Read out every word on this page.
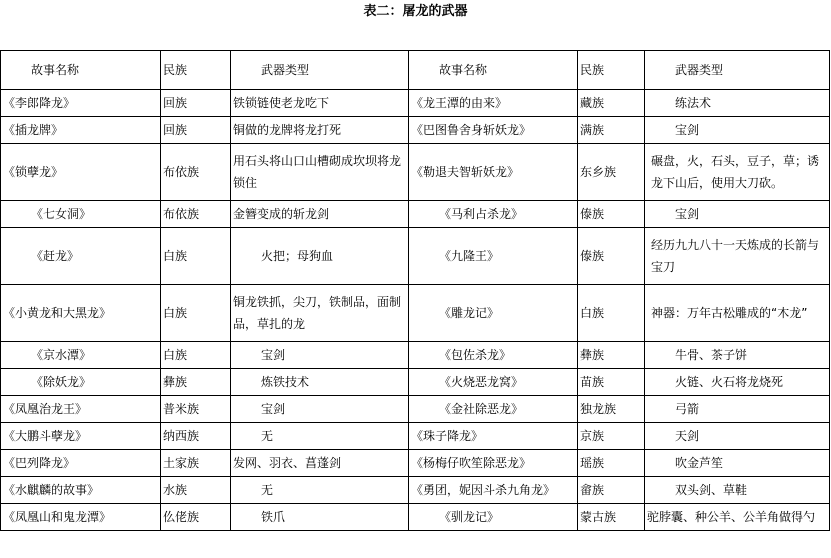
表二：屠龙的武器
故事名称	民族	武器类型	故事名称	民族	武器类型
《李郎降龙》	回族	铁锁链使老龙吃下	《龙王潭的由来》	藏族	练法术
《插龙牌》	回族	铜做的龙牌将龙打死	《巴图鲁舍身斩妖龙》	满族	宝剑
《锁孽龙》	布依族	用石头将山口山槽砌成坎坝将龙锁住	《勒退夫智斩妖龙》	东乡族	碾盘，火，石头，豆子，草；诱龙下山后，使用大刀砍。
《七女洞》	布依族	金簪变成的斩龙剑	《马利占杀龙》	傣族	宝剑
《赶龙》	白族	火把；母狗血	《九隆王》	傣族	经历九九八十一天炼成的长箭与宝刀
《小黄龙和大黑龙》	白族	铜龙铁抓，尖刀，铁制品，面制品，草扎的龙	《雕龙记》	白族	神器：万年古松雕成的“木龙”
《京水潭》	白族	宝剑	《包佐杀龙》	彝族	牛骨、茶子饼
《除妖龙》	彝族	炼铁技术	《火烧恶龙窝》	苗族	火链、火石将龙烧死
《凤凰治龙王》	普米族	宝剑	《金社除恶龙》	独龙族	弓箭
《大鹏斗孽龙》	纳西族	无	《珠子降龙》	京族	天剑
《巴列降龙》	土家族	发网、羽衣、菖蓬剑	《杨梅仔吹笙除恶龙》	瑶族	吹金芦笙
《水麒麟的故事》	水族	无	《勇团，妮因斗杀九角龙》	畲族	双头剑、草鞋
《凤凰山和鬼龙潭》	仫佬族	铁爪	《驯龙记》	蒙古族	驼脖囊、种公羊、公羊角做得勺
